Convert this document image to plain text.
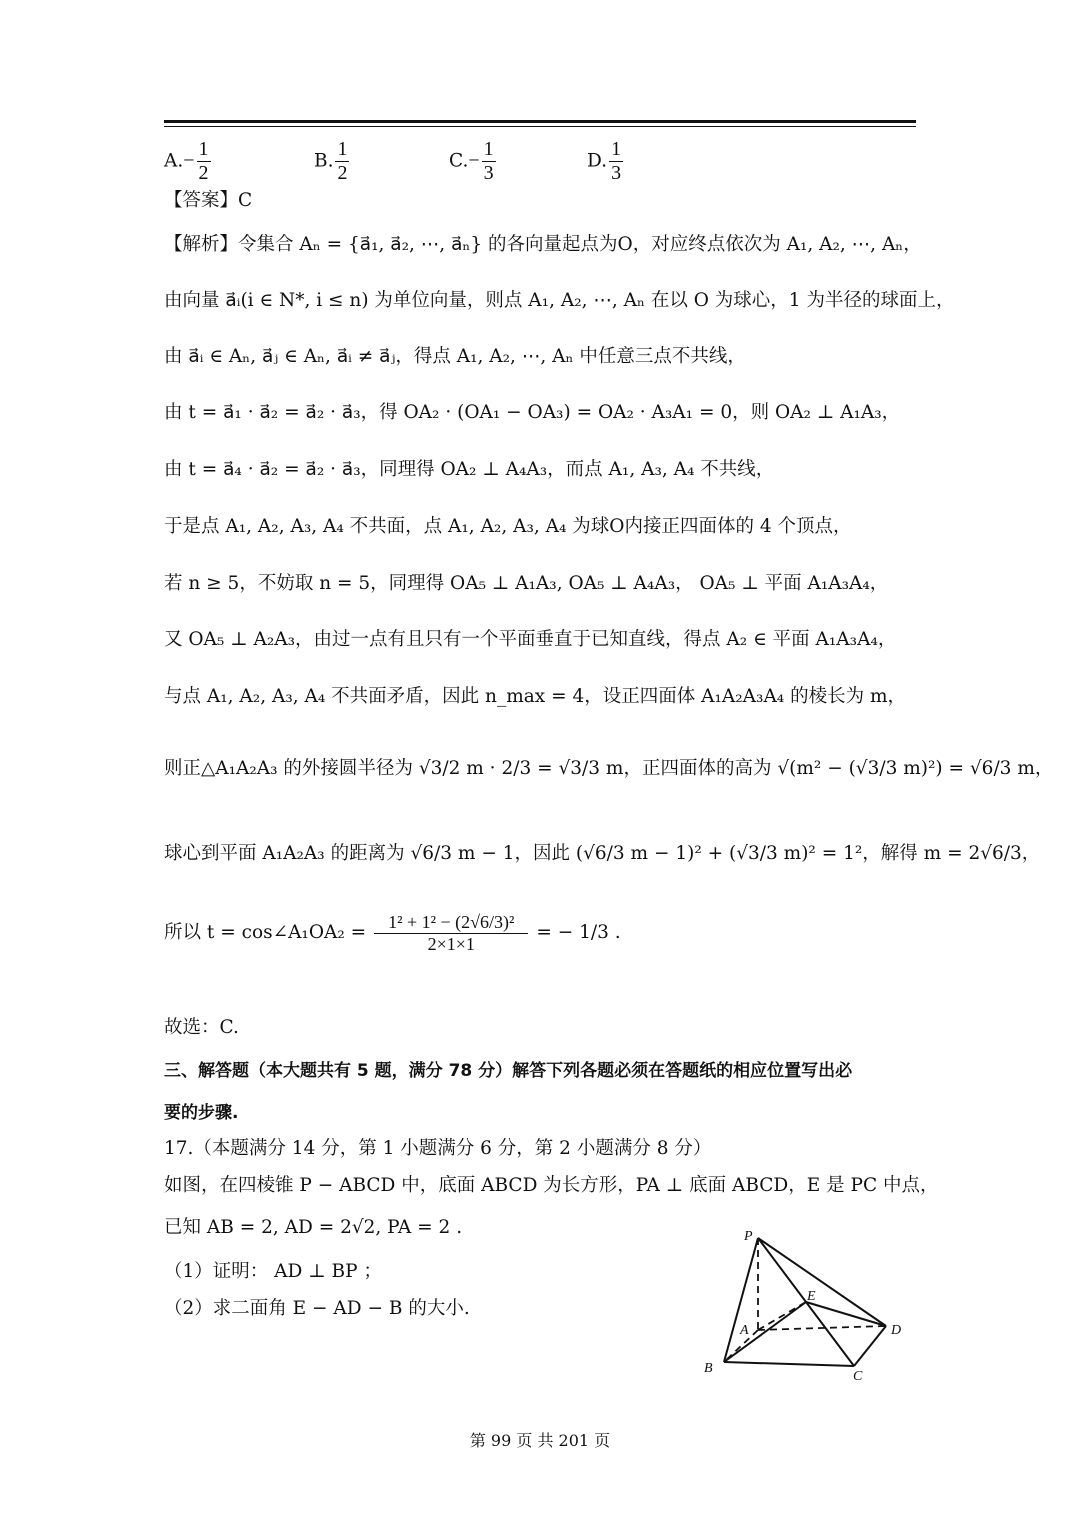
$A.- \frac{1}{2}$	B. $\frac{1}{2}$	$C.- \frac{1}{3}$	D. $\frac{1}{3}$
【答案】C
【解析】令集合 Aₙ = {a⃗₁, a⃗₂, ⋯, a⃗ₙ} 的各向量起点为O，对应终点依次为 A₁, A₂, ⋯, Aₙ，
由向量 a⃗ᵢ(i ∈ N*, i ≤ n) 为单位向量，则点 A₁, A₂, ⋯, Aₙ 在以 O 为球心，1 为半径的球面上，
由 a⃗ᵢ ∈ Aₙ, a⃗ⱼ ∈ Aₙ, a⃗ᵢ ≠ a⃗ⱼ，得点 A₁, A₂, ⋯, Aₙ 中任意三点不共线，
由 t = a⃗₁ · a⃗₂ = a⃗₂ · a⃗₃，得 OA₂ · (OA₁ − OA₃) = OA₂ · A₃A₁ = 0，则 OA₂ ⊥ A₁A₃，
由 t = a⃗₄ · a⃗₂ = a⃗₂ · a⃗₃，同理得 OA₂ ⊥ A₄A₃，而点 A₁, A₃, A₄ 不共线，
于是点 A₁, A₂, A₃, A₄ 不共面，点 A₁, A₂, A₃, A₄ 为球O内接正四面体的 4 个顶点，
若 n ≥ 5，不妨取 n = 5，同理得 OA₅ ⊥ A₁A₃, OA₅ ⊥ A₄A₃， OA₅ ⊥ 平面 A₁A₃A₄，
又 OA₅ ⊥ A₂A₃，由过一点有且只有一个平面垂直于已知直线，得点 A₂ ∈ 平面 A₁A₃A₄，
与点 A₁, A₂, A₃, A₄ 不共面矛盾，因此 n_max = 4，设正四面体 A₁A₂A₃A₄ 的棱长为 m，
则正△A₁A₂A₃ 的外接圆半径为 √3/2 m · 2/3 = √3/3 m，正四面体的高为 √(m² − (√3/3 m)²) = √6/3 m，
球心到平面 A₁A₂A₃ 的距离为 √6/3 m − 1，因此 (√6/3 m − 1)² + (√3/3 m)² = 1²，解得 m = 2√6/3，
所以 t = cos∠A₁OA₂ = $\frac{\text{1² + 1² − (2√6/3)²}}{2\times 1\times 1}$ = − 1/3 .
故选：C.
三、解答题（本大题共有 5 题，满分 78 分）解答下列各题必须在答题纸的相应位置写出必
要的步骤.
17.（本题满分 14 分，第 1 小题满分 6 分，第 2 小题满分 8 分）
如图，在四棱锥 P − ABCD 中，底面 ABCD 为长方形，PA ⊥ 底面 ABCD，E 是 PC 中点，
已知 AB = 2, AD = 2√2, PA = 2 .
（1）证明： AD ⊥ BP ；
（2）求二面角 E − AD − B 的大小.
P
E
A	D
B
C
第 99 页 共 201 页
